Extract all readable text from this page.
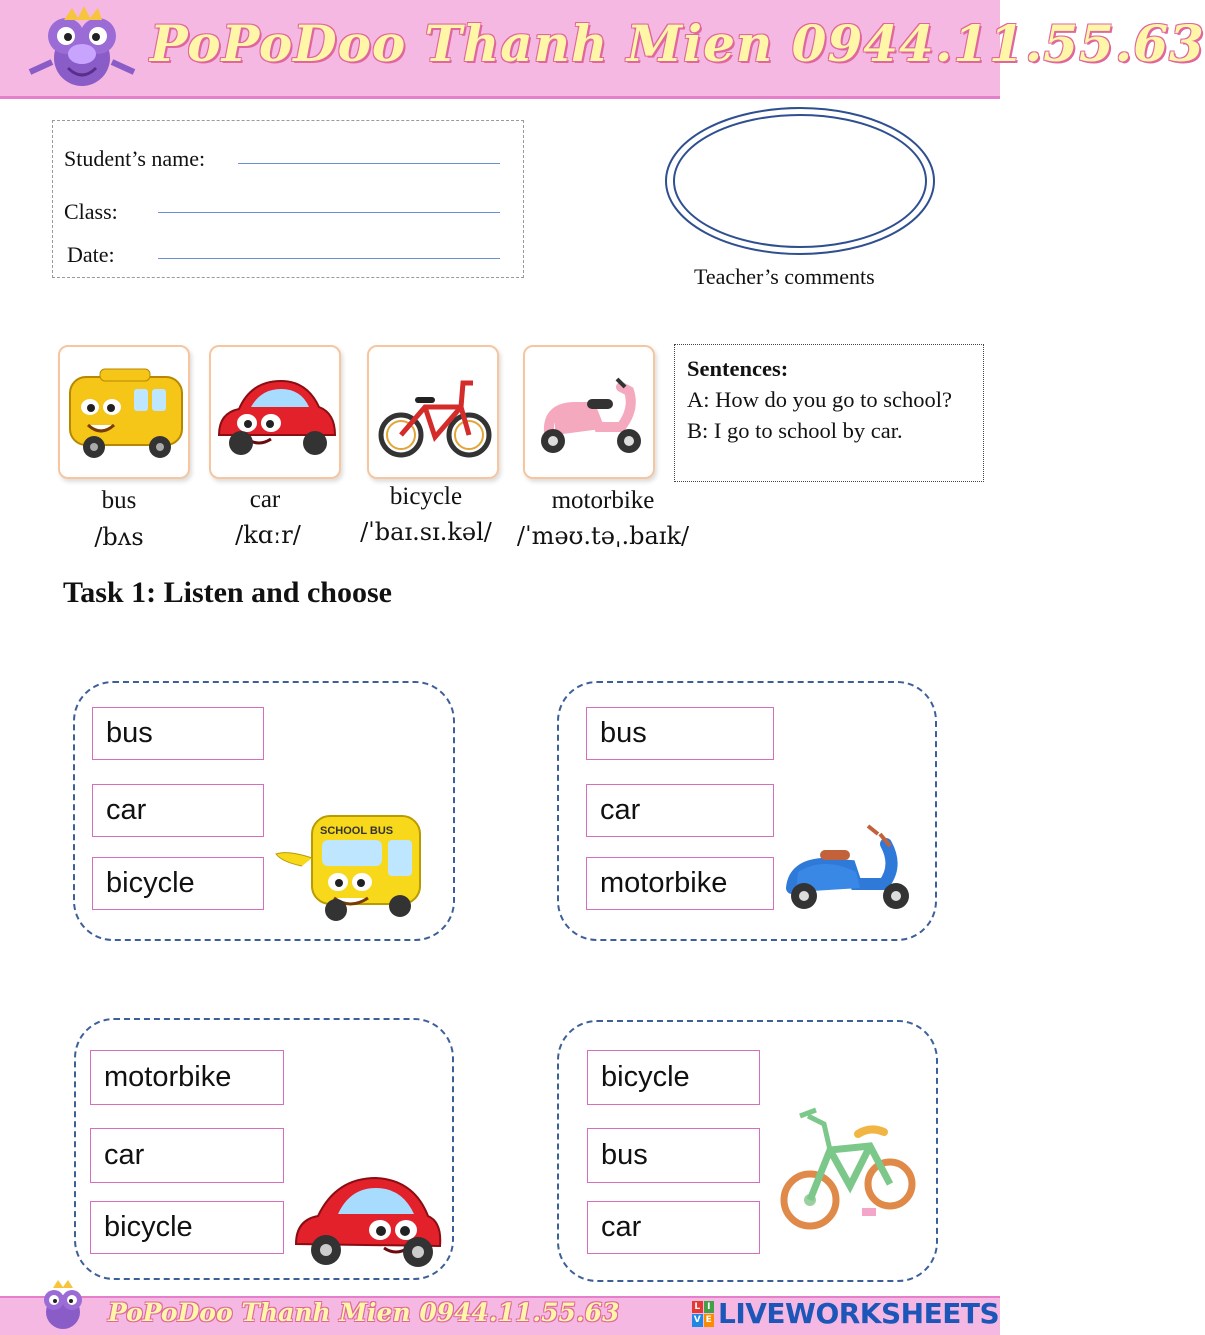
PoPoDoo Thanh Mien 0944.11.55.63
Student’s name:
Class:
Date:
Teacher’s comments
bus
/bʌs
car
/kɑːr/
bicycle
/ˈbaɪ.sɪ.kəl/
motorbike
/ˈməʊ.təˌ.baɪk/
Sentences:
A: How do you go to school?
B: I go to school by car.
Task 1: Listen and choose
bus
car
bicycle
SCHOOL BUS
bus
car
motorbike
motorbike
car
bicycle
bicycle
bus
car
PoPoDoo Thanh Mien 0944.11.55.63	L I
V E LIVEWORKSHEETS
